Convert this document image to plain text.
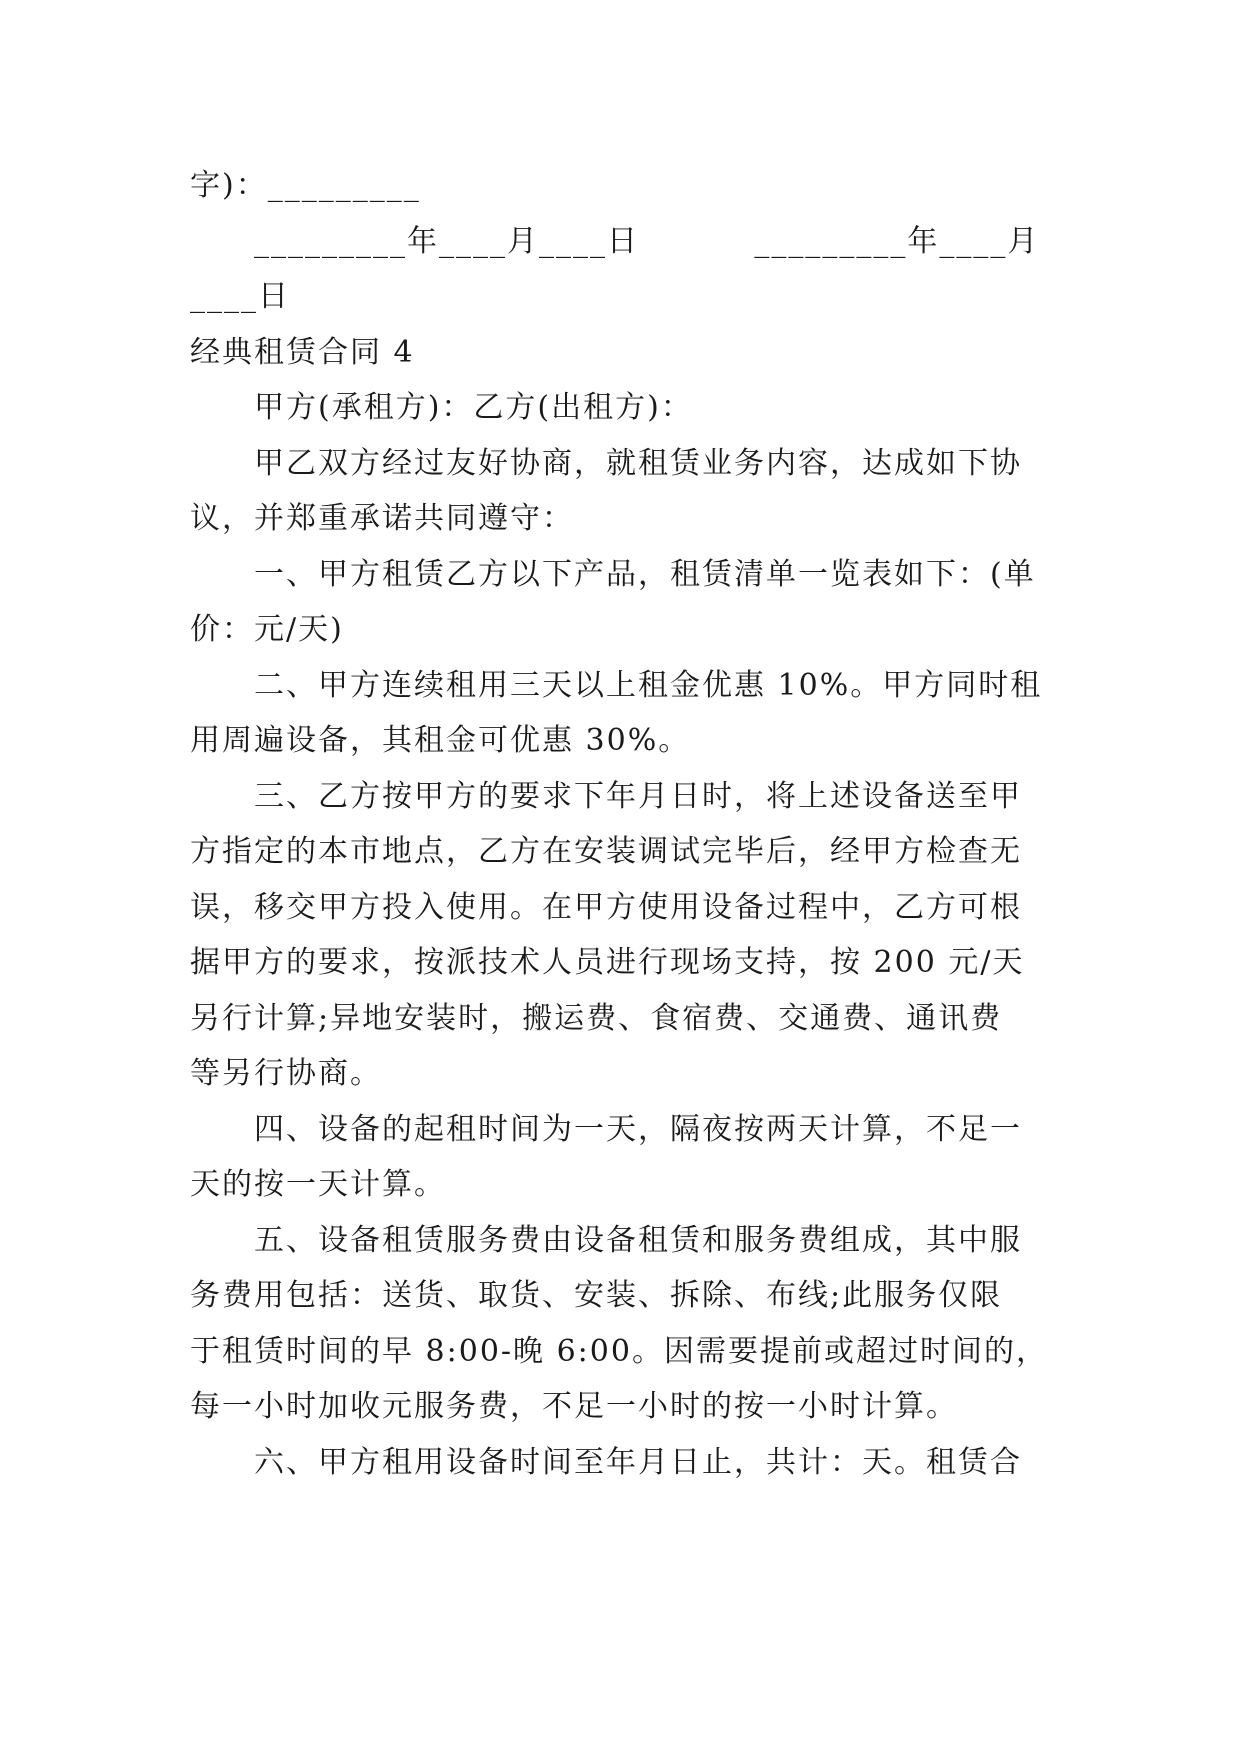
字)：_________
_________年____月____日          _________年____月
____日
经典租赁合同 4
甲方(承租方)：乙方(出租方)：
甲乙双方经过友好协商，就租赁业务内容，达成如下协
议，并郑重承诺共同遵守：
一、甲方租赁乙方以下产品，租赁清单一览表如下：(单
价：元/天)
二、甲方连续租用三天以上租金优惠 10%。甲方同时租
用周遍设备，其租金可优惠 30%。
三、乙方按甲方的要求下年月日时，将上述设备送至甲
方指定的本市地点，乙方在安装调试完毕后，经甲方检查无
误，移交甲方投入使用。在甲方使用设备过程中，乙方可根
据甲方的要求，按派技术人员进行现场支持，按 200 元/天
另行计算;异地安装时，搬运费、食宿费、交通费、通讯费
等另行协商。
四、设备的起租时间为一天，隔夜按两天计算，不足一
天的按一天计算。
五、设备租赁服务费由设备租赁和服务费组成，其中服
务费用包括：送货、取货、安装、拆除、布线;此服务仅限
于租赁时间的早 8:00-晚 6:00。因需要提前或超过时间的，
每一小时加收元服务费，不足一小时的按一小时计算。
六、甲方租用设备时间至年月日止，共计：天。租赁合
